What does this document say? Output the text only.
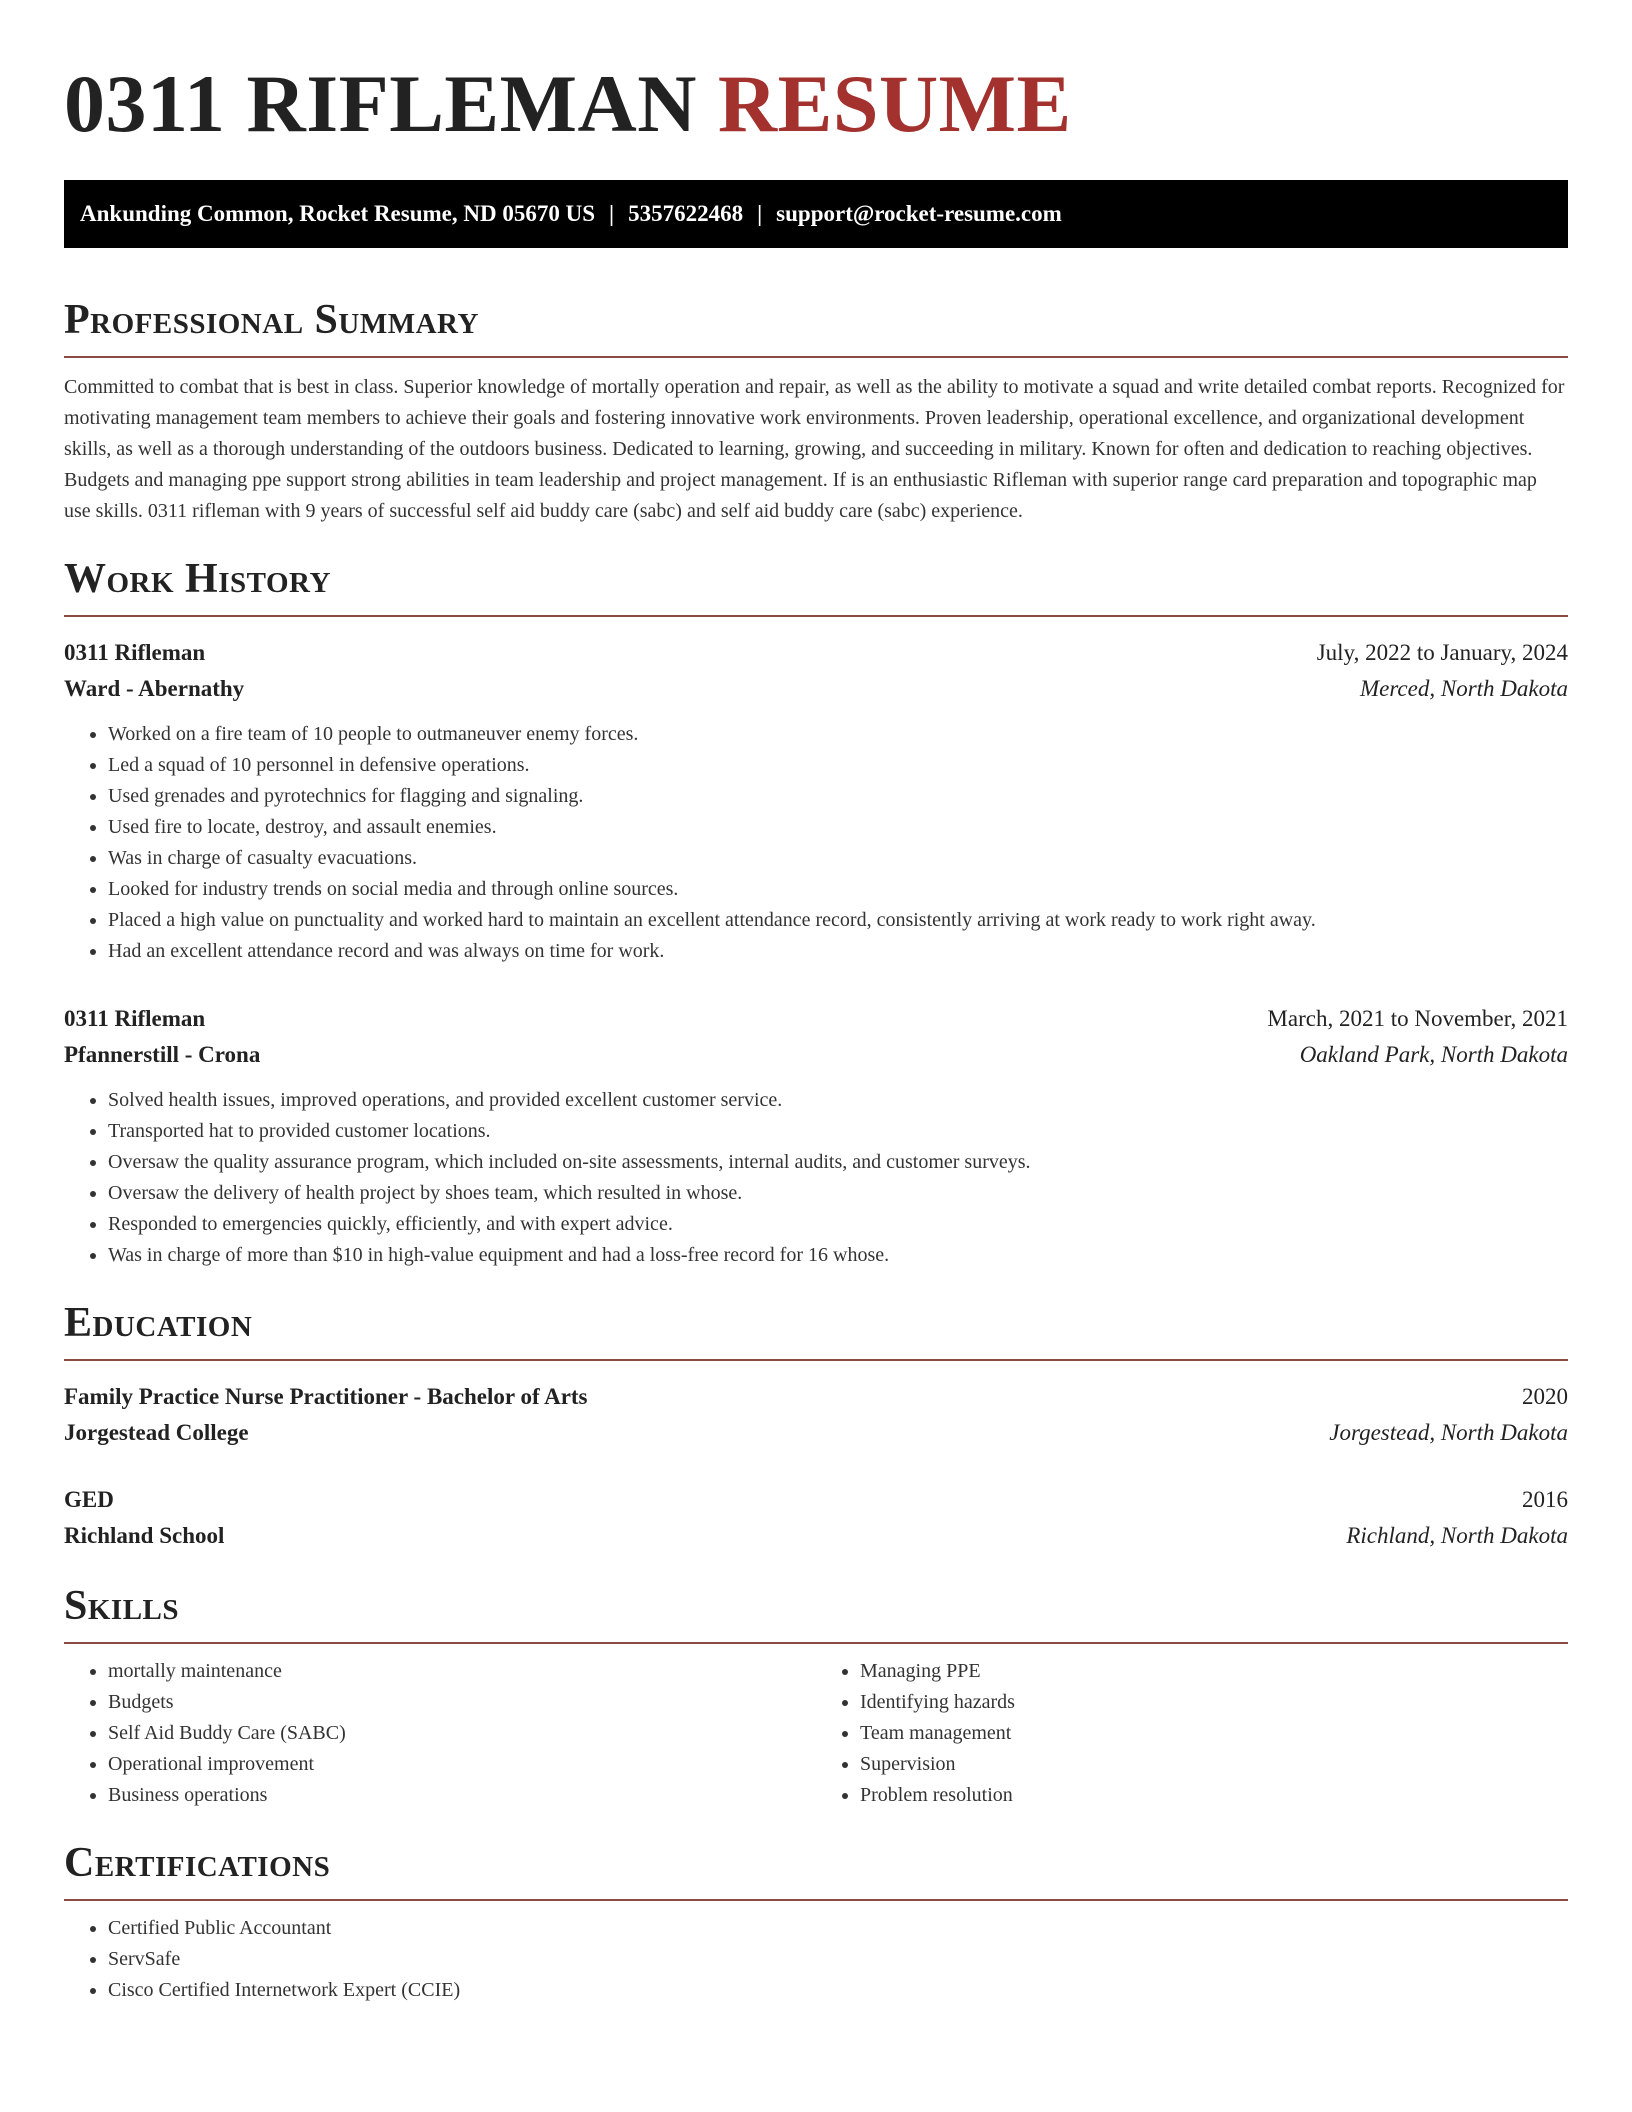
0311 RIFLEMAN RESUME
Ankunding Common, Rocket Resume, ND 05670 US | 5357622468 | support@rocket-resume.com
Professional Summary

Committed to combat that is best in class. Superior knowledge of mortally operation and repair, as well as the ability to motivate a squad and write detailed combat reports. Recognized for motivating management team members to achieve their goals and fostering innovative work environments. Proven leadership, operational excellence, and organizational development skills, as well as a thorough understanding of the outdoors business. Dedicated to learning, growing, and succeeding in military. Known for often and dedication to reaching objectives. Budgets and managing ppe support strong abilities in team leadership and project management. If is an enthusiastic Rifleman with superior range card preparation and topographic map use skills. 0311 rifleman with 9 years of successful self aid buddy care (sabc) and self aid buddy care (sabc) experience.

Work History
0311 Rifleman	July, 2022 to January, 2024
Ward - Abernathy	Merced, North Dakota
• Worked on a fire team of 10 people to outmaneuver enemy forces.
• Led a squad of 10 personnel in defensive operations.
• Used grenades and pyrotechnics for flagging and signaling.
• Used fire to locate, destroy, and assault enemies.
• Was in charge of casualty evacuations.
• Looked for industry trends on social media and through online sources.
• Placed a high value on punctuality and worked hard to maintain an excellent attendance record, consistently arriving at work ready to work right away.
• Had an excellent attendance record and was always on time for work.
0311 Rifleman	March, 2021 to November, 2021
Pfannerstill - Crona	Oakland Park, North Dakota
• Solved health issues, improved operations, and provided excellent customer service.
• Transported hat to provided customer locations.
• Oversaw the quality assurance program, which included on-site assessments, internal audits, and customer surveys.
• Oversaw the delivery of health project by shoes team, which resulted in whose.
• Responded to emergencies quickly, efficiently, and with expert advice.
• Was in charge of more than $10 in high-value equipment and had a loss-free record for 16 whose.
Education
Family Practice Nurse Practitioner - Bachelor of Arts	2020
Jorgestead College	Jorgestead, North Dakota
GED	2016
Richland School	Richland, North Dakota
Skills
• mortally maintenance
• Budgets
• Self Aid Buddy Care (SABC)
• Operational improvement
• Business operations
• Managing PPE
• Identifying hazards
• Team management
• Supervision
• Problem resolution
Certifications
• Certified Public Accountant
• ServSafe
• Cisco Certified Internetwork Expert (CCIE)
